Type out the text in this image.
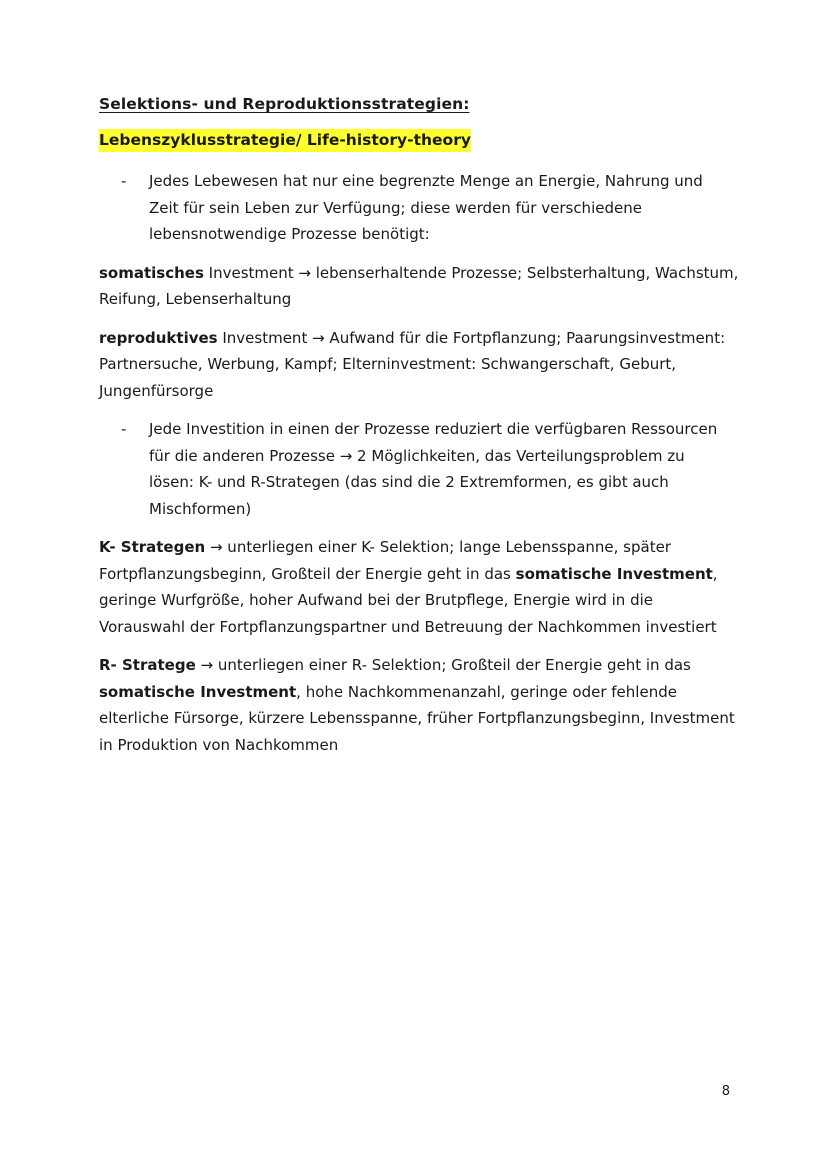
Selektions- und Reproduktionsstrategien:
Lebenszyklusstrategie/ Life-history-theory
-	Jedes Lebewesen hat nur eine begrenzte Menge an Energie, Nahrung und Zeit für sein Leben zur Verfügung; diese werden für verschiedene lebensnotwendige Prozesse benötigt:

somatisches Investment → lebenserhaltende Prozesse; Selbsterhaltung, Wachstum, Reifung, Lebenserhaltung

reproduktives Investment → Aufwand für die Fortpflanzung; Paarungsinvestment: Partnersuche, Werbung, Kampf; Elterninvestment: Schwangerschaft, Geburt, Jungenfürsorge

-	Jede Investition in einen der Prozesse reduziert die verfügbaren Ressourcen für die anderen Prozesse → 2 Möglichkeiten, das Verteilungsproblem zu lösen: K- und R-Strategen (das sind die 2 Extremformen, es gibt auch Mischformen)

K- Strategen → unterliegen einer K- Selektion; lange Lebensspanne, später Fortpflanzungsbeginn, Großteil der Energie geht in das somatische Investment, geringe Wurfgröße, hoher Aufwand bei der Brutpflege, Energie wird in die Vorauswahl der Fortpflanzungspartner und Betreuung der Nachkommen investiert

R- Stratege → unterliegen einer R- Selektion; Großteil der Energie geht in das somatische Investment, hohe Nachkommenanzahl, geringe oder fehlende elterliche Fürsorge, kürzere Lebensspanne, früher Fortpflanzungsbeginn, Investment in Produktion von Nachkommen

8
